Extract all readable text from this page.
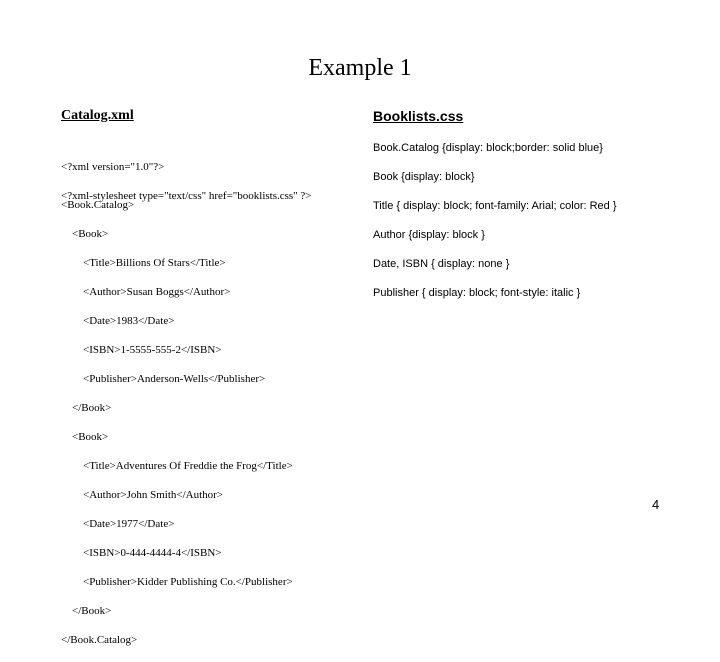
Example 1
Catalog.xml	Booklists.css

<?xml version="1.0"?>

<?xml-stylesheet type="text/css" href="booklists.css" ?>

<Book.Catalog>

<Book>

<Title>Billions Of Stars</Title>

<Author>Susan Boggs</Author>

<Date>1983</Date>

<ISBN>1-5555-555-2</ISBN>

<Publisher>Anderson-Wells</Publisher>

</Book>

<Book>

<Title>Adventures Of Freddie the Frog</Title>

<Author>John Smith</Author>

<Date>1977</Date>

<ISBN>0-444-4444-4</ISBN>

<Publisher>Kidder Publishing Co.</Publisher>

</Book>

</Book.Catalog>

Book.Catalog {display: block;border: solid blue}
Book {display: block}
Title { display: block; font-family: Arial; color: Red }
Author {display: block }
Date, ISBN { display: none }
Publisher { display: block; font-style: italic }
4
